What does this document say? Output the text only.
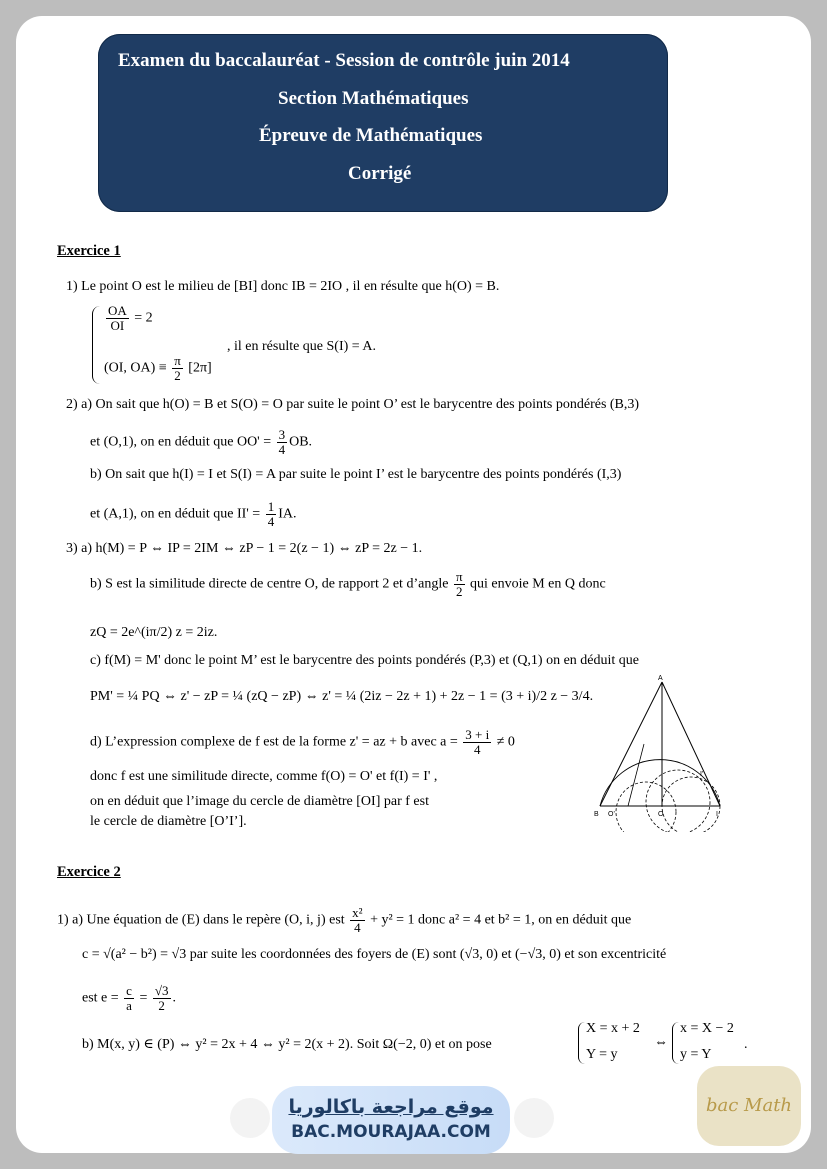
Examen du baccalauréat - Session de contrôle juin 2014
Section Mathématiques
Épreuve de Mathématiques
Corrigé
Exercice 1
1) Le point O est le milieu de [BI] donc IB = 2IO , il en résulte que h(O) = B.
$\frac{OA}{OI} = 2$
(OI, $OA) \equiv \frac{\pi}{2} [2\pi]$
, il en résulte que S(I) = A.
2) a) On sait que h(O) = B et S(O) = O par suite le point O’ est le barycentre des points pondérés (B,3)
et (O,1), on en déduit que $OO' = \frac{3}{4}$ OB.
b) On sait que h(I) = I et S(I) = A par suite le point I’ est le barycentre des points pondérés (I,3)
et (A,1), on en déduit que $II' = \frac{1}{4}$ IA.
3) a) h(M) = P ⇔ IP = 2IM ⇔ zP − 1 = 2(z − 1) ⇔ zP = 2z − 1.
b) S est la similitude directe de centre O, de rapport 2 et d’angle $\frac{\pi}{2}$ qui envoie M en Q donc
zQ = 2e^(iπ/2) z = 2iz.
c) f(M) = M' donc le point M’ est le barycentre des points pondérés (P,3) et (Q,1) on en déduit que
PM' = ¼ PQ ⇔ z' − zP = ¼ (zQ − zP) ⇔ z' = ¼ (2iz − 2z + 1) + 2z − 1 = (3 + i)/2 z − 3/4.
d) L’expression complexe de f est de la forme z' = az + b avec $a = \frac{3 + i}{4} \ne 0$
donc f est une similitude directe, comme f(O) = O' et f(I) = I' ,
on en déduit que l’image du cercle de diamètre [OI] par f est
le cercle de diamètre [O’I’].
A
B	O
O'	I
I'
Exercice 2
1) a) Une équation de (E) dans le repère (O, i, j) est $\frac{\text{x²}}{4} + y^2 = 1$ donc a² = 4 et b² = 1, on en déduit que
c = √(a² − b²) = √3 par suite les coordonnées des foyers de (E) sont (√3, 0) et (−√3, 0) et son excentricité
est $e = \frac{c}{a} = \frac{√3}{2}$ .
b) M(x, y) ∈ (P) ⇔ y² = 2x + 4 ⇔ y² = 2(x + 2). Soit Ω(−2, 0) et on pose
X = x + 2
Y = y
⇔
x = X − 2
y = Y
.
موقع مراجعة باكالوريا
BAC.MOURAJAA.COM
bac Math
